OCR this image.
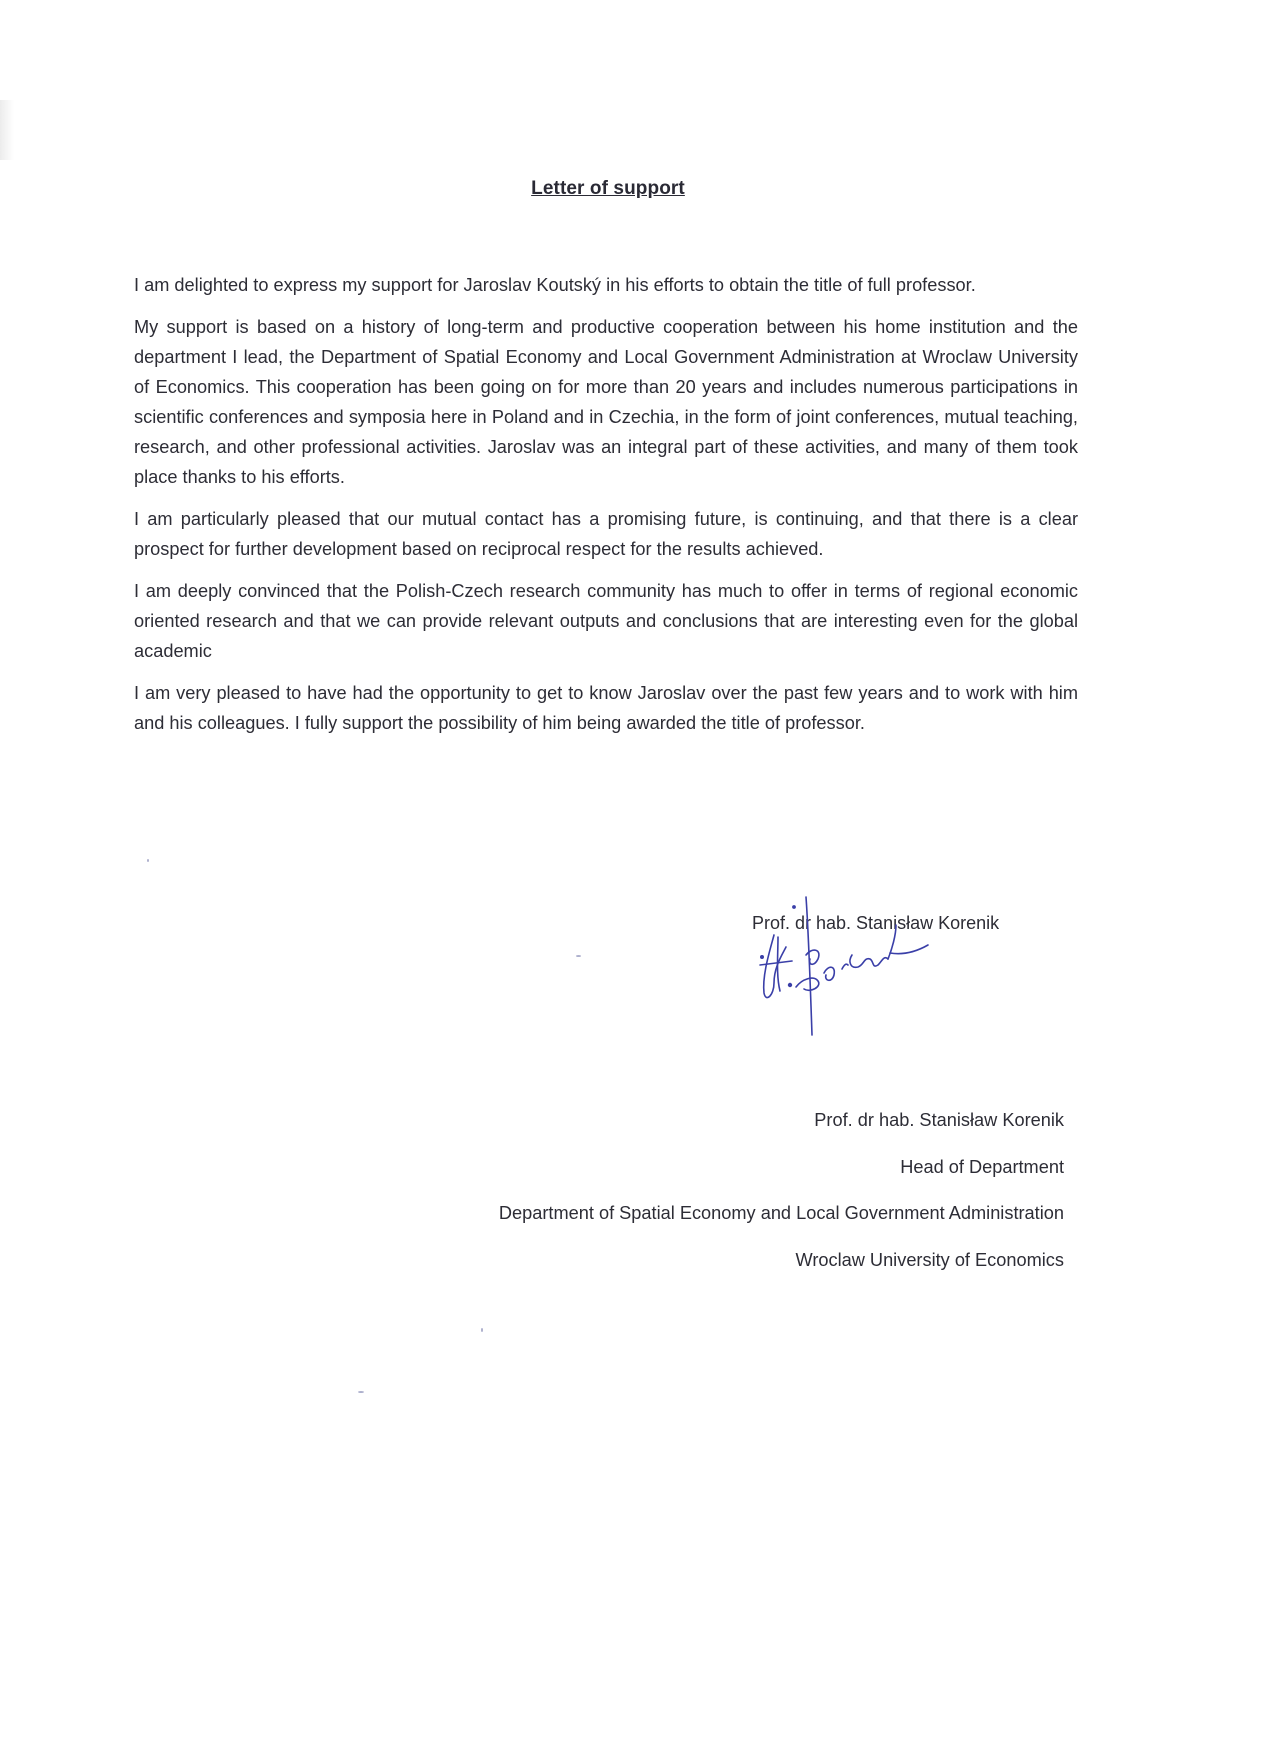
Letter of support

I am delighted to express my support for Jaroslav Koutský in his efforts to obtain the title of full professor.

My support is based on a history of long-term and productive cooperation between his home institution and the department I lead, the Department of Spatial Economy and Local Government Administration at Wroclaw University of Economics. This cooperation has been going on for more than 20 years and includes numerous participations in scientific conferences and symposia here in Poland and in Czechia, in the form of joint conferences, mutual teaching, research, and other professional activities. Jaroslav was an integral part of these activities, and many of them took place thanks to his efforts.

I am particularly pleased that our mutual contact has a promising future, is continuing, and that there is a clear prospect for further development based on reciprocal respect for the results achieved.

I am deeply convinced that the Polish-Czech research community has much to offer in terms of regional economic oriented research and that we can provide relevant outputs and conclusions that are interesting even for the global academic

I am very pleased to have had the opportunity to get to know Jaroslav over the past few years and to work with him and his colleagues. I fully support the possibility of him being awarded the title of professor.

Prof. dr hab. Stanisław Korenik
Prof. dr hab. Stanisław Korenik
Head of Department
Department of Spatial Economy and Local Government Administration
Wroclaw University of Economics
